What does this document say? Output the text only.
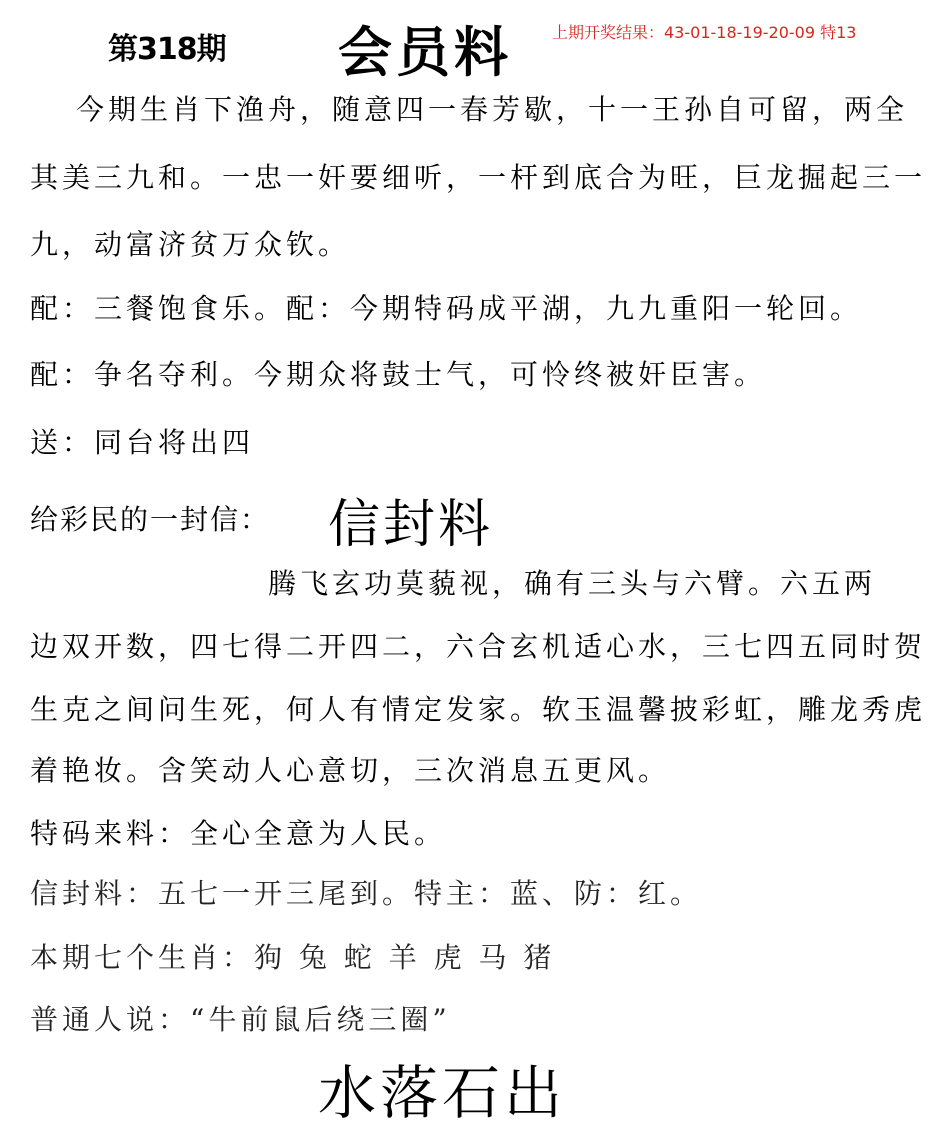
第318期 会员料	上期开奖结果：43-01-18-19-20-09 特13
今期生肖下渔舟，随意四一春芳歇，十一王孙自可留，两全
其美三九和。一忠一奸要细听，一杆到底合为旺，巨龙掘起三一
九，动富济贫万众钦。
配：三餐饱食乐。配：今期特码成平湖，九九重阳一轮回。
配：争名夺利。今期众将鼓士气，可怜终被奸臣害。
送：同台将出四
给彩民的一封信： 信封料
腾飞玄功莫藐视，确有三头与六臂。六五两
边双开数，四七得二开四二，六合玄机适心水，三七四五同时贺
生克之间问生死，何人有情定发家。软玉温馨披彩虹，雕龙秀虎
着艳妆。含笑动人心意切，三次消息五更风。
特码来料：全心全意为人民。
信封料：五七一开三尾到。特主：蓝、防：红。
本期七个生肖：狗 兔 蛇 羊 虎 马 猪
普通人说：“牛前鼠后绕三圈”
水落石出
